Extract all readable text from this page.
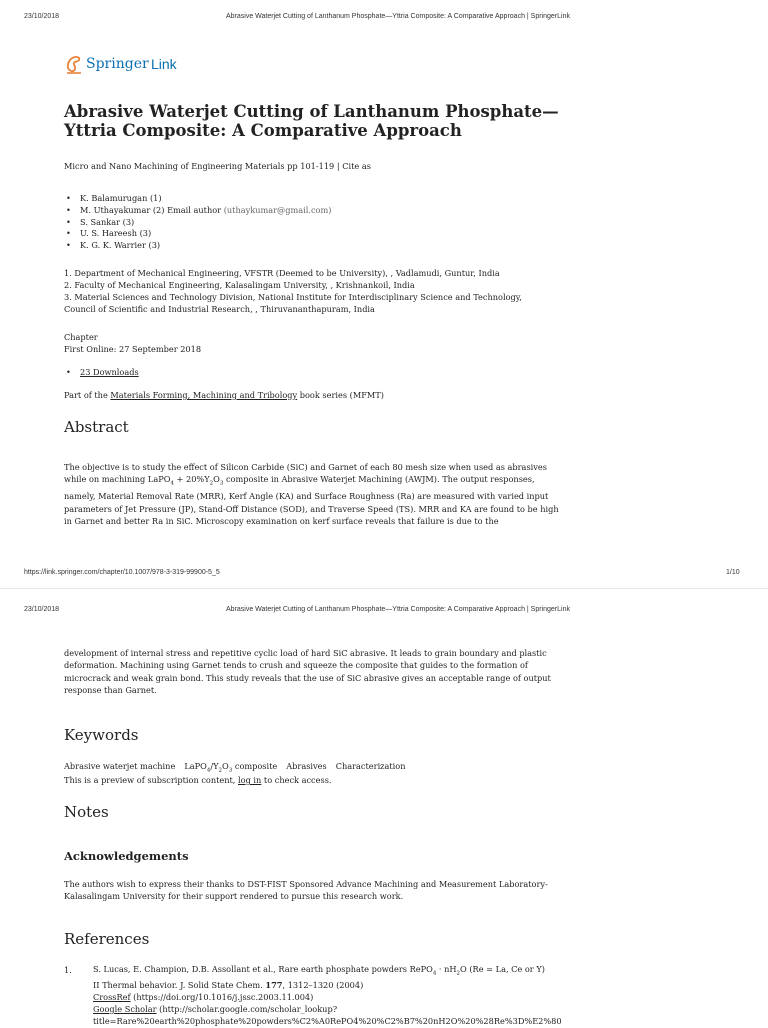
23/10/2018	Abrasive Waterjet Cutting of Lanthanum Phosphate—Yttria Composite: A Comparative Approach | SpringerLink
Springer Link
Abrasive Waterjet Cutting of Lanthanum Phosphate—
Yttria Composite: A Comparative Approach
Micro and Nano Machining of Engineering Materials pp 101-119 | Cite as
• K. Balamurugan (1)
• M. Uthayakumar (2) Email author (uthaykumar@gmail.com)
• S. Sankar (3)
• U. S. Hareesh (3)
• K. G. K. Warrier (3)
1. Department of Mechanical Engineering, VFSTR (Deemed to be University), , Vadlamudi, Guntur, India
2. Faculty of Mechanical Engineering, Kalasalingam University, , Krishnankoil, India
3. Material Sciences and Technology Division, National Institute for Interdisciplinary Science and Technology,
Council of Scientific and Industrial Research, , Thiruvananthapuram, India
Chapter
First Online: 27 September 2018
• 23 Downloads
Part of the Materials Forming, Machining and Tribology book series (MFMT)
Abstract
The objective is to study the effect of Silicon Carbide (SiC) and Garnet of each 80 mesh size when used as abrasives while on machining LaPO$_4$ + $20\%Y_2O_3$ composite in Abrasive Waterjet Machining (AWJM). The output responses, namely, Material Removal Rate (MRR), Kerf Angle (KA) and Surface Roughness (Ra) are measured with varied input parameters of Jet Pressure (JP), Stand-Off Distance (SOD), and Traverse Speed (TS). MRR and KA are found to be high in Garnet and better Ra in SiC. Microscopy examination on kerf surface reveals that failure is due to the
https://link.springer.com/chapter/10.1007/978-3-319-99900-5_5	1/10
23/10/2018	Abrasive Waterjet Cutting of Lanthanum Phosphate—Yttria Composite: A Comparative Approach | SpringerLink
development of internal stress and repetitive cyclic load of hard SiC abrasive. It leads to grain boundary and plastic deformation. Machining using Garnet tends to crush and squeeze the composite that guides to the formation of microcrack and weak grain bond. This study reveals that the use of SiC abrasive gives an acceptable range of output response than Garnet.
Keywords
Abrasive waterjet machine $LaPO_4/Y_2O_3$ composite Abrasives Characterization
This is a preview of subscription content, log in to check access.
Notes
Acknowledgements
The authors wish to express their thanks to DST-FIST Sponsored Advance Machining and Measurement Laboratory-Kalasalingam University for their support rendered to pursue this research work.
References
1.	S. Lucas, E. Champion, D.B. Assollant et al., Rare earth phosphate powders RePO$_4$ · $nH_2O$ (Re = La, Ce or Y)
II Thermal behavior. J. Solid State Chem. 177, 1312–1320 (2004)
CrossRef (https://doi.org/10.1016/j.jssc.2003.11.004)
Google Scholar (http://scholar.google.com/scholar_lookup?
title=Rare%20earth%20phosphate%20powders%C2%A0RePO4%20%C2%B7%20nH2O%20%28Re%3D%E2%80
